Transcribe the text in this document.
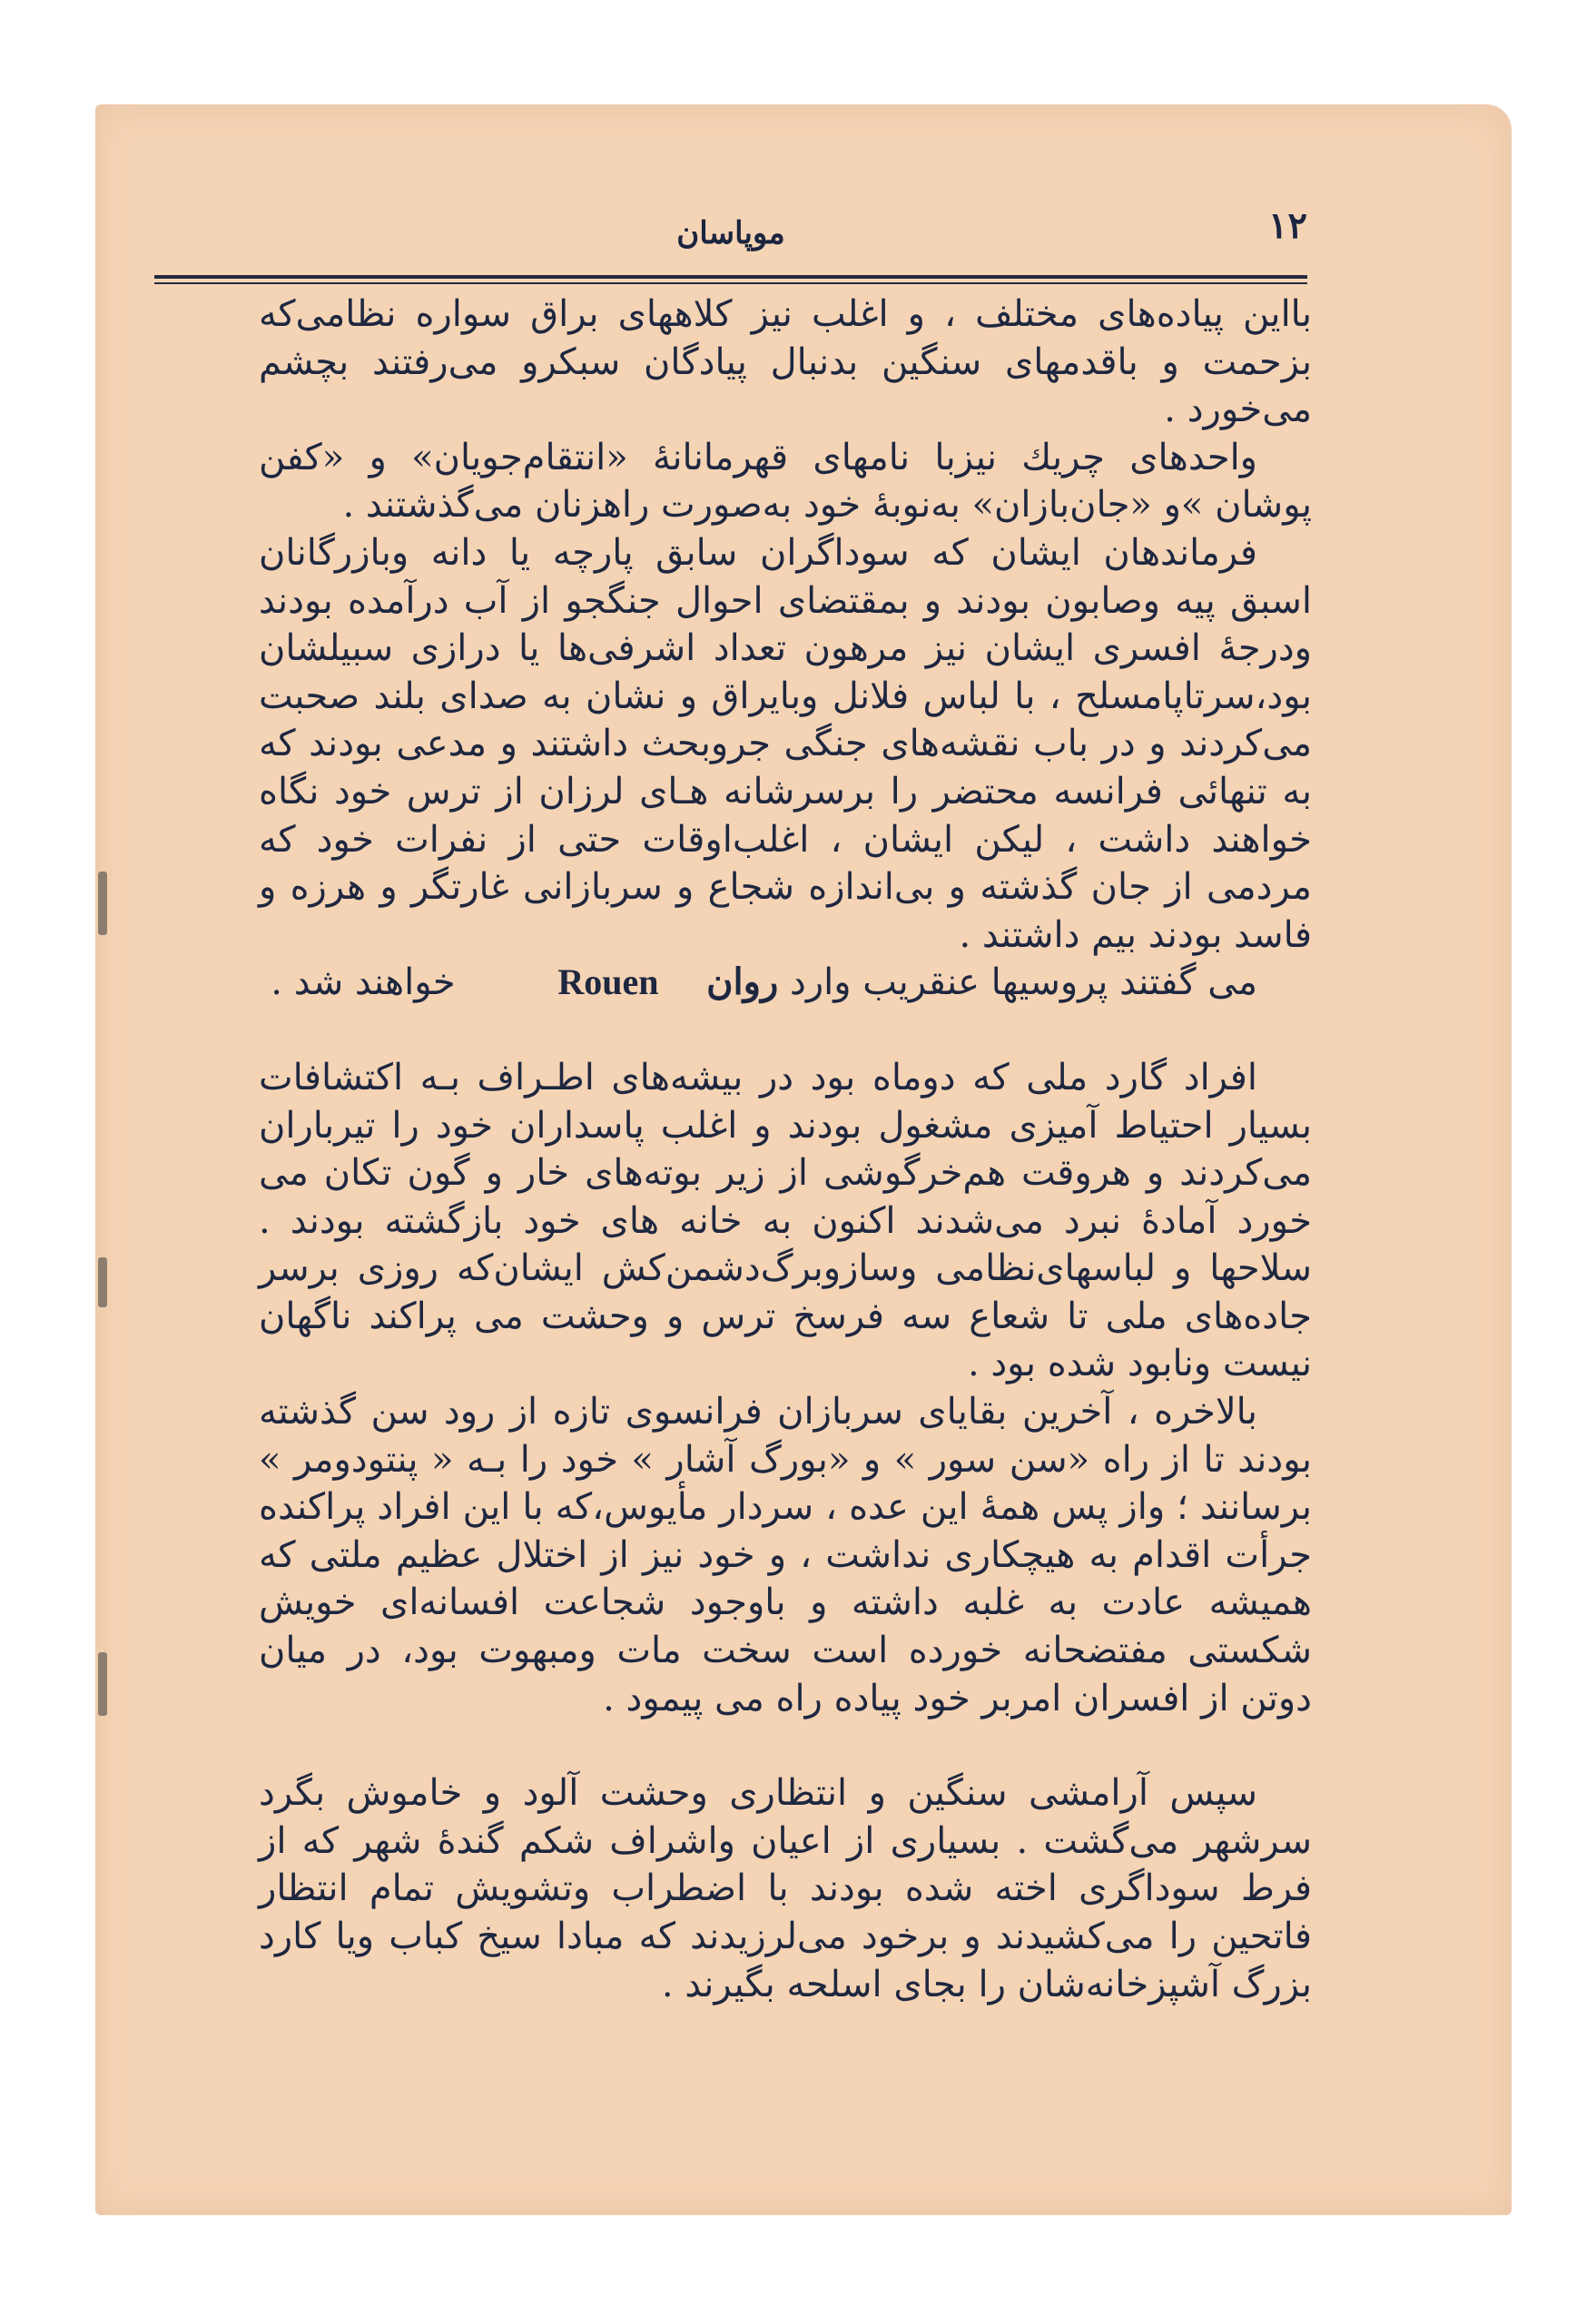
۱۲
موپاسان

بااین پیاده‌های مختلف ، و اغلب نیز کلاههای براق سواره نظامی‌که بزحمت و باقدمهای سنگین بدنبال پیادگان سبکرو می‌رفتند بچشم می‌خورد .

واحدهای چریك نیزبا نامهای قهرمانانهٔ «انتقام‌جویان» و «کفن پوشان »و «جان‌بازان» به‌نوبهٔ خود به‌صورت راهزنان می‌گذشتند .

فرماندهان ایشان که سوداگران سابق پارچه یا دانه وبازرگانان اسبق پیه وصابون بودند و بمقتضای احوال جنگجو از آب درآمده بودند ودرجهٔ افسری ایشان نیز مرهون تعداد اشرفی‌ها یا درازی سبیلشان بود،سرتاپامسلح ، با لباس فلانل وبایراق و نشان به صدای بلند صحبت می‌کردند و در باب نقشه‌های جنگی جروبحث داشتند و مدعی بودند که به تنهائی فرانسه محتضر را برسرشانه هـای لرزان از ترس خود نگاه خواهند داشت ، لیکن ایشان ، اغلب‌اوقات حتی از نفرات خود که مردمی از جان گذشته و بی‌اندازه شجاع و سربازانی غارتگر و هرزه و فاسد بودند بیم داشتند .

می گفتند پروسیها عنقریب وارد روان Rouen خواهند شد .

افراد گارد ملی که دوماه بود در بیشه‌های اطـراف بـه اکتشافات بسیار احتیاط آمیزی مشغول بودند و اغلب پاسداران خود را تیرباران می‌کردند و هروقت هم‌خرگوشی از زیر بوته‌های خار و گون تکان می خورد آمادهٔ نبرد می‌شدند اکنون به خانه های خود بازگشته بودند . سلاحها و لباسهای‌نظامی وسازوبرگ‌دشمن‌کش ایشان‌که روزی برسر جاده‌های ملی تا شعاع سه فرسخ ترس و وحشت می پراکند ناگهان نیست ونابود شده بود .

بالاخره ، آخرین بقایای سربازان فرانسوی تازه از رود سن گذشته بودند تا از راه «سن سور » و «بورگ آشار » خود را بـه « پنتودومر » برسانند ؛ واز پس همهٔ این عده ، سردار مأیوس،که با این افراد پراکنده جرأت اقدام به هیچکاری نداشت ، و خود نیز از اختلال عظیم ملتی که همیشه عادت به غلبه داشته و باوجود شجاعت افسانه‌ای خویش شکستی مفتضحانه خورده است سخت مات ومبهوت بود، در میان دوتن از افسران امربر خود پیاده راه می پیمود .

سپس آرامشی سنگین و انتظاری وحشت آلود و خاموش بگرد سرشهر می‌گشت . بسیاری از اعیان واشراف شکم گندهٔ شهر که از فرط سوداگری اخته شده بودند با اضطراب وتشویش تمام انتظار فاتحین را می‌کشیدند و برخود می‌لرزیدند که مبادا سیخ کباب ویا کارد بزرگ آشپزخانه‌شان را بجای اسلحه بگیرند .
